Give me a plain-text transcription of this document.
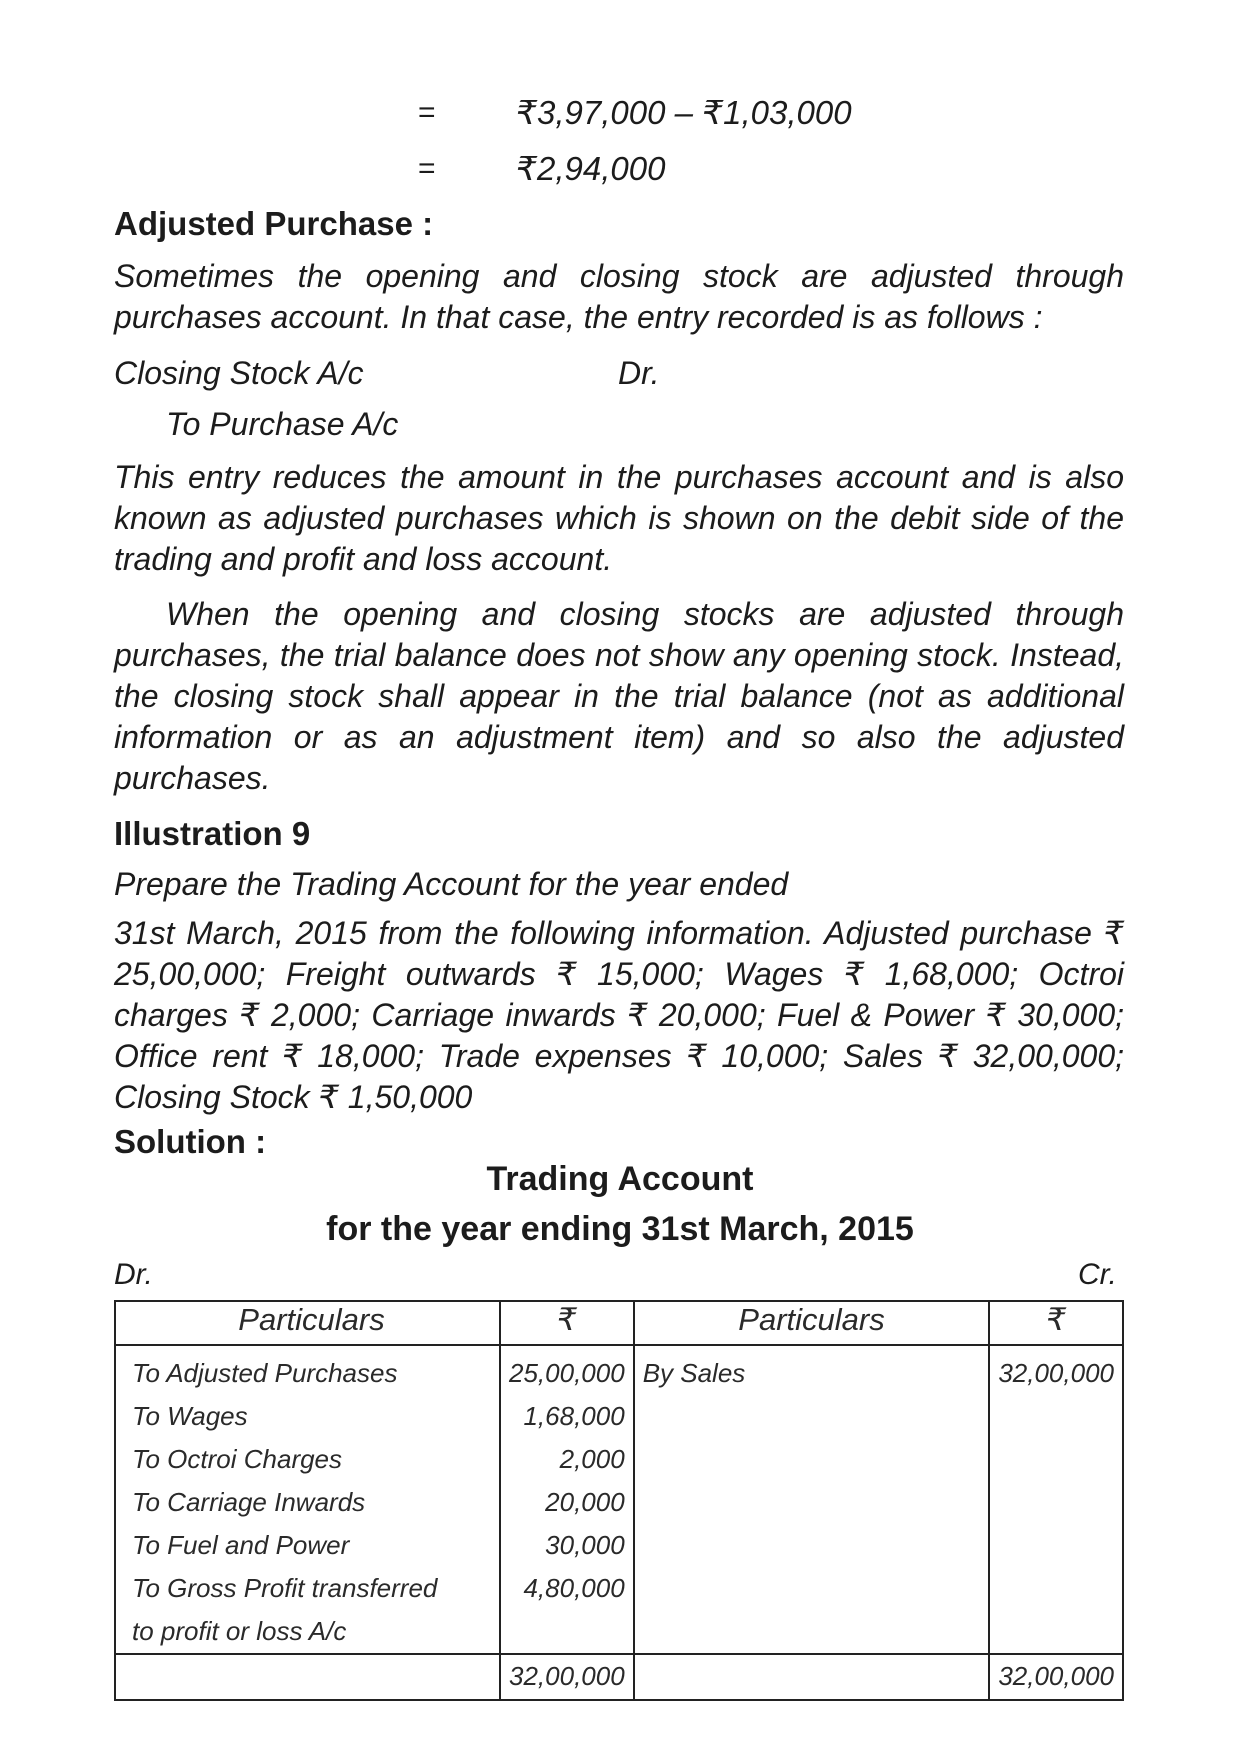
= ₹3,97,000 – ₹1,03,000
= ₹2,94,000
Adjusted Purchase :
Sometimes the opening and closing stock are adjusted through purchases account. In that case, the entry recorded is as follows :
Closing Stock A/c	Dr.
To Purchase A/c
This entry reduces the amount in the purchases account and is also known as adjusted purchases which is shown on the debit side of the trading and profit and loss account.
When the opening and closing stocks are adjusted through purchases, the trial balance does not show any opening stock. Instead, the closing stock shall appear in the trial balance (not as additional information or as an adjustment item) and so also the adjusted purchases.
Illustration 9
Prepare the Trading Account for the year ended
31st March, 2015 from the following information. Adjusted purchase ₹ 25,00,000; Freight outwards ₹ 15,000; Wages ₹ 1,68,000; Octroi charges ₹ 2,000; Carriage inwards ₹ 20,000; Fuel & Power ₹ 30,000; Office rent ₹ 18,000; Trade expenses ₹ 10,000; Sales ₹ 32,00,000; Closing Stock ₹ 1,50,000
Solution :
Trading Account
for the year ending 31st March, 2015
Dr.	Cr.
Particulars	₹	Particulars	₹
To Adjusted Purchases	25,00,000	By Sales	32,00,000
To Wages	1,68,000		
To Octroi Charges	2,000		
To Carriage Inwards	20,000		
To Fuel and Power	30,000		
To Gross Profit transferred	4,80,000		
to profit or loss A/c			
	32,00,000		32,00,000
